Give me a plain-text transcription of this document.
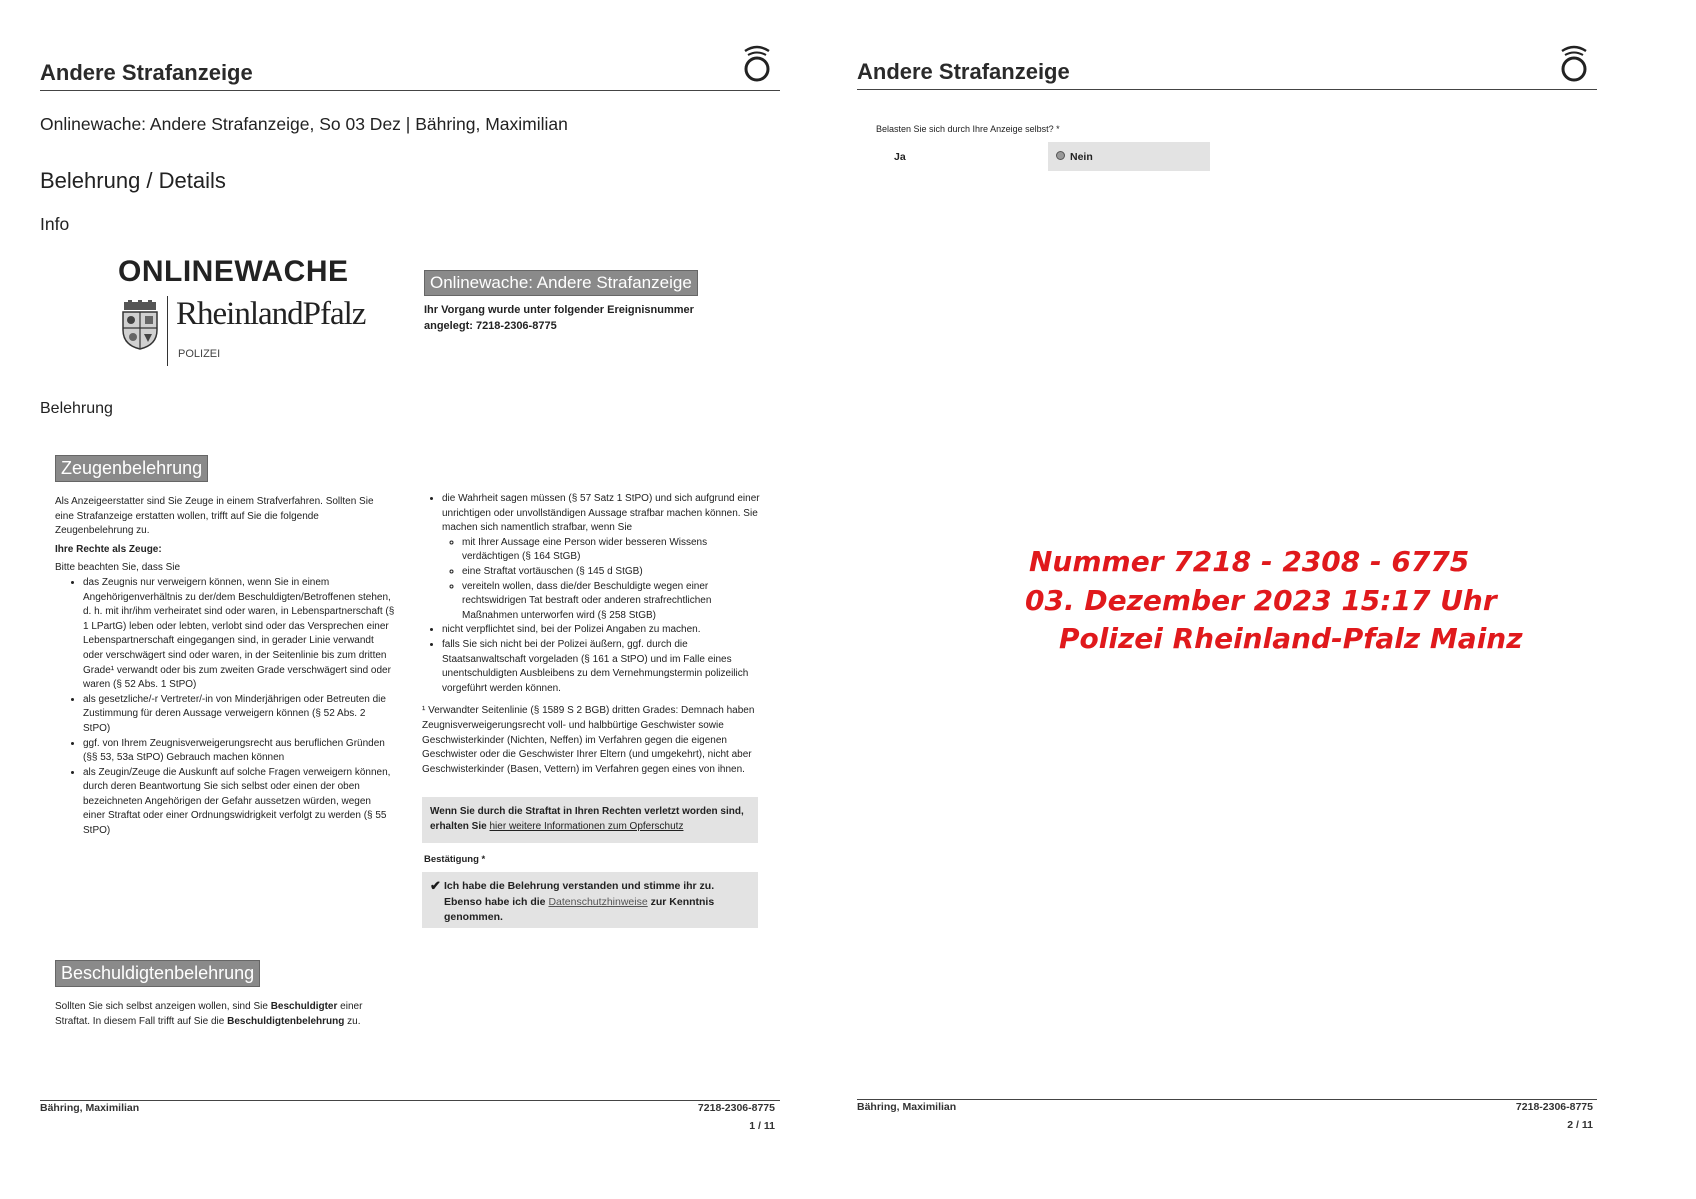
Andere Strafanzeige
Onlinewache: Andere Strafanzeige, So 03 Dez | Bähring, Maximilian
Belehrung / Details
Info
ONLINEWACHE
RheinlandPfalz
POLIZEI
Onlinewache: Andere Strafanzeige
Ihr Vorgang wurde unter folgender Ereignisnummer angelegt: 7218-2306-8775
Belehrung
Zeugenbelehrung
Als Anzeigeerstatter sind Sie Zeuge in einem Strafverfahren. Sollten Sie eine Strafanzeige erstatten wollen, trifft auf Sie die folgende Zeugenbelehrung zu.
Ihre Rechte als Zeuge:
Bitte beachten Sie, dass Sie
• das Zeugnis nur verweigern können, wenn Sie in einem Angehörigenverhältnis zu der/dem Beschuldigten/Betroffenen stehen, d. h. mit ihr/ihm verheiratet sind oder waren, in Lebenspartnerschaft (§ 1 LPartG) leben oder lebten, verlobt sind oder das Versprechen einer Lebenspartnerschaft eingegangen sind, in gerader Linie verwandt oder verschwägert sind oder waren, in der Seitenlinie bis zum dritten Grade¹ verwandt oder bis zum zweiten Grade verschwägert sind oder waren (§ 52 Abs. 1 StPO)
• als gesetzliche/-r Vertreter/-in von Minderjährigen oder Betreuten die Zustimmung für deren Aussage verweigern können (§ 52 Abs. 2 StPO)
• ggf. von Ihrem Zeugnisverweigerungsrecht aus beruflichen Gründen (§§ 53, 53a StPO) Gebrauch machen können
• als Zeugin/Zeuge die Auskunft auf solche Fragen verweigern können, durch deren Beantwortung Sie sich selbst oder einen der oben bezeichneten Angehörigen der Gefahr aussetzen würden, wegen einer Straftat oder einer Ordnungswidrigkeit verfolgt zu werden (§ 55 StPO)
• die Wahrheit sagen müssen (§ 57 Satz 1 StPO) und sich aufgrund einer unrichtigen oder unvollständigen Aussage strafbar machen können. Sie machen sich namentlich strafbar, wenn Sie
◦ mit Ihrer Aussage eine Person wider besseren Wissens verdächtigen (§ 164 StGB)
◦ eine Straftat vortäuschen (§ 145 d StGB)
◦ vereiteln wollen, dass die/der Beschuldigte wegen einer rechtswidrigen Tat bestraft oder anderen strafrechtlichen Maßnahmen unterworfen wird (§ 258 StGB)
• nicht verpflichtet sind, bei der Polizei Angaben zu machen.
• falls Sie sich nicht bei der Polizei äußern, ggf. durch die Staatsanwaltschaft vorgeladen (§ 161 a StPO) und im Falle eines unentschuldigten Ausbleibens zu dem Vernehmungstermin polizeilich vorgeführt werden können.
¹ Verwandter Seitenlinie (§ 1589 S 2 BGB) dritten Grades: Demnach haben Zeugnisverweigerungsrecht voll- und halbbürtige Geschwister sowie Geschwisterkinder (Nichten, Neffen) im Verfahren gegen die eigenen Geschwister oder die Geschwister Ihrer Eltern (und umgekehrt), nicht aber Geschwisterkinder (Basen, Vettern) im Verfahren gegen eines von ihnen.
Wenn Sie durch die Straftat in Ihren Rechten verletzt worden sind, erhalten Sie hier weitere Informationen zum Opferschutz
Bestätigung *
✔ Ich habe die Belehrung verstanden und stimme ihr zu. Ebenso habe ich die Datenschutzhinweise zur Kenntnis genommen.
Beschuldigtenbelehrung
Sollten Sie sich selbst anzeigen wollen, sind Sie Beschuldigter einer Straftat. In diesem Fall trifft auf Sie die Beschuldigtenbelehrung zu.
Bähring, Maximilian	7218-2306-8775
1 / 11
Andere Strafanzeige
Belasten Sie sich durch Ihre Anzeige selbst? *
Ja	Nein
Nummer 7218 - 2308 - 6775
03. Dezember 2023 15:17 Uhr
Polizei Rheinland-Pfalz Mainz
Bähring, Maximilian	7218-2306-8775
2 / 11
